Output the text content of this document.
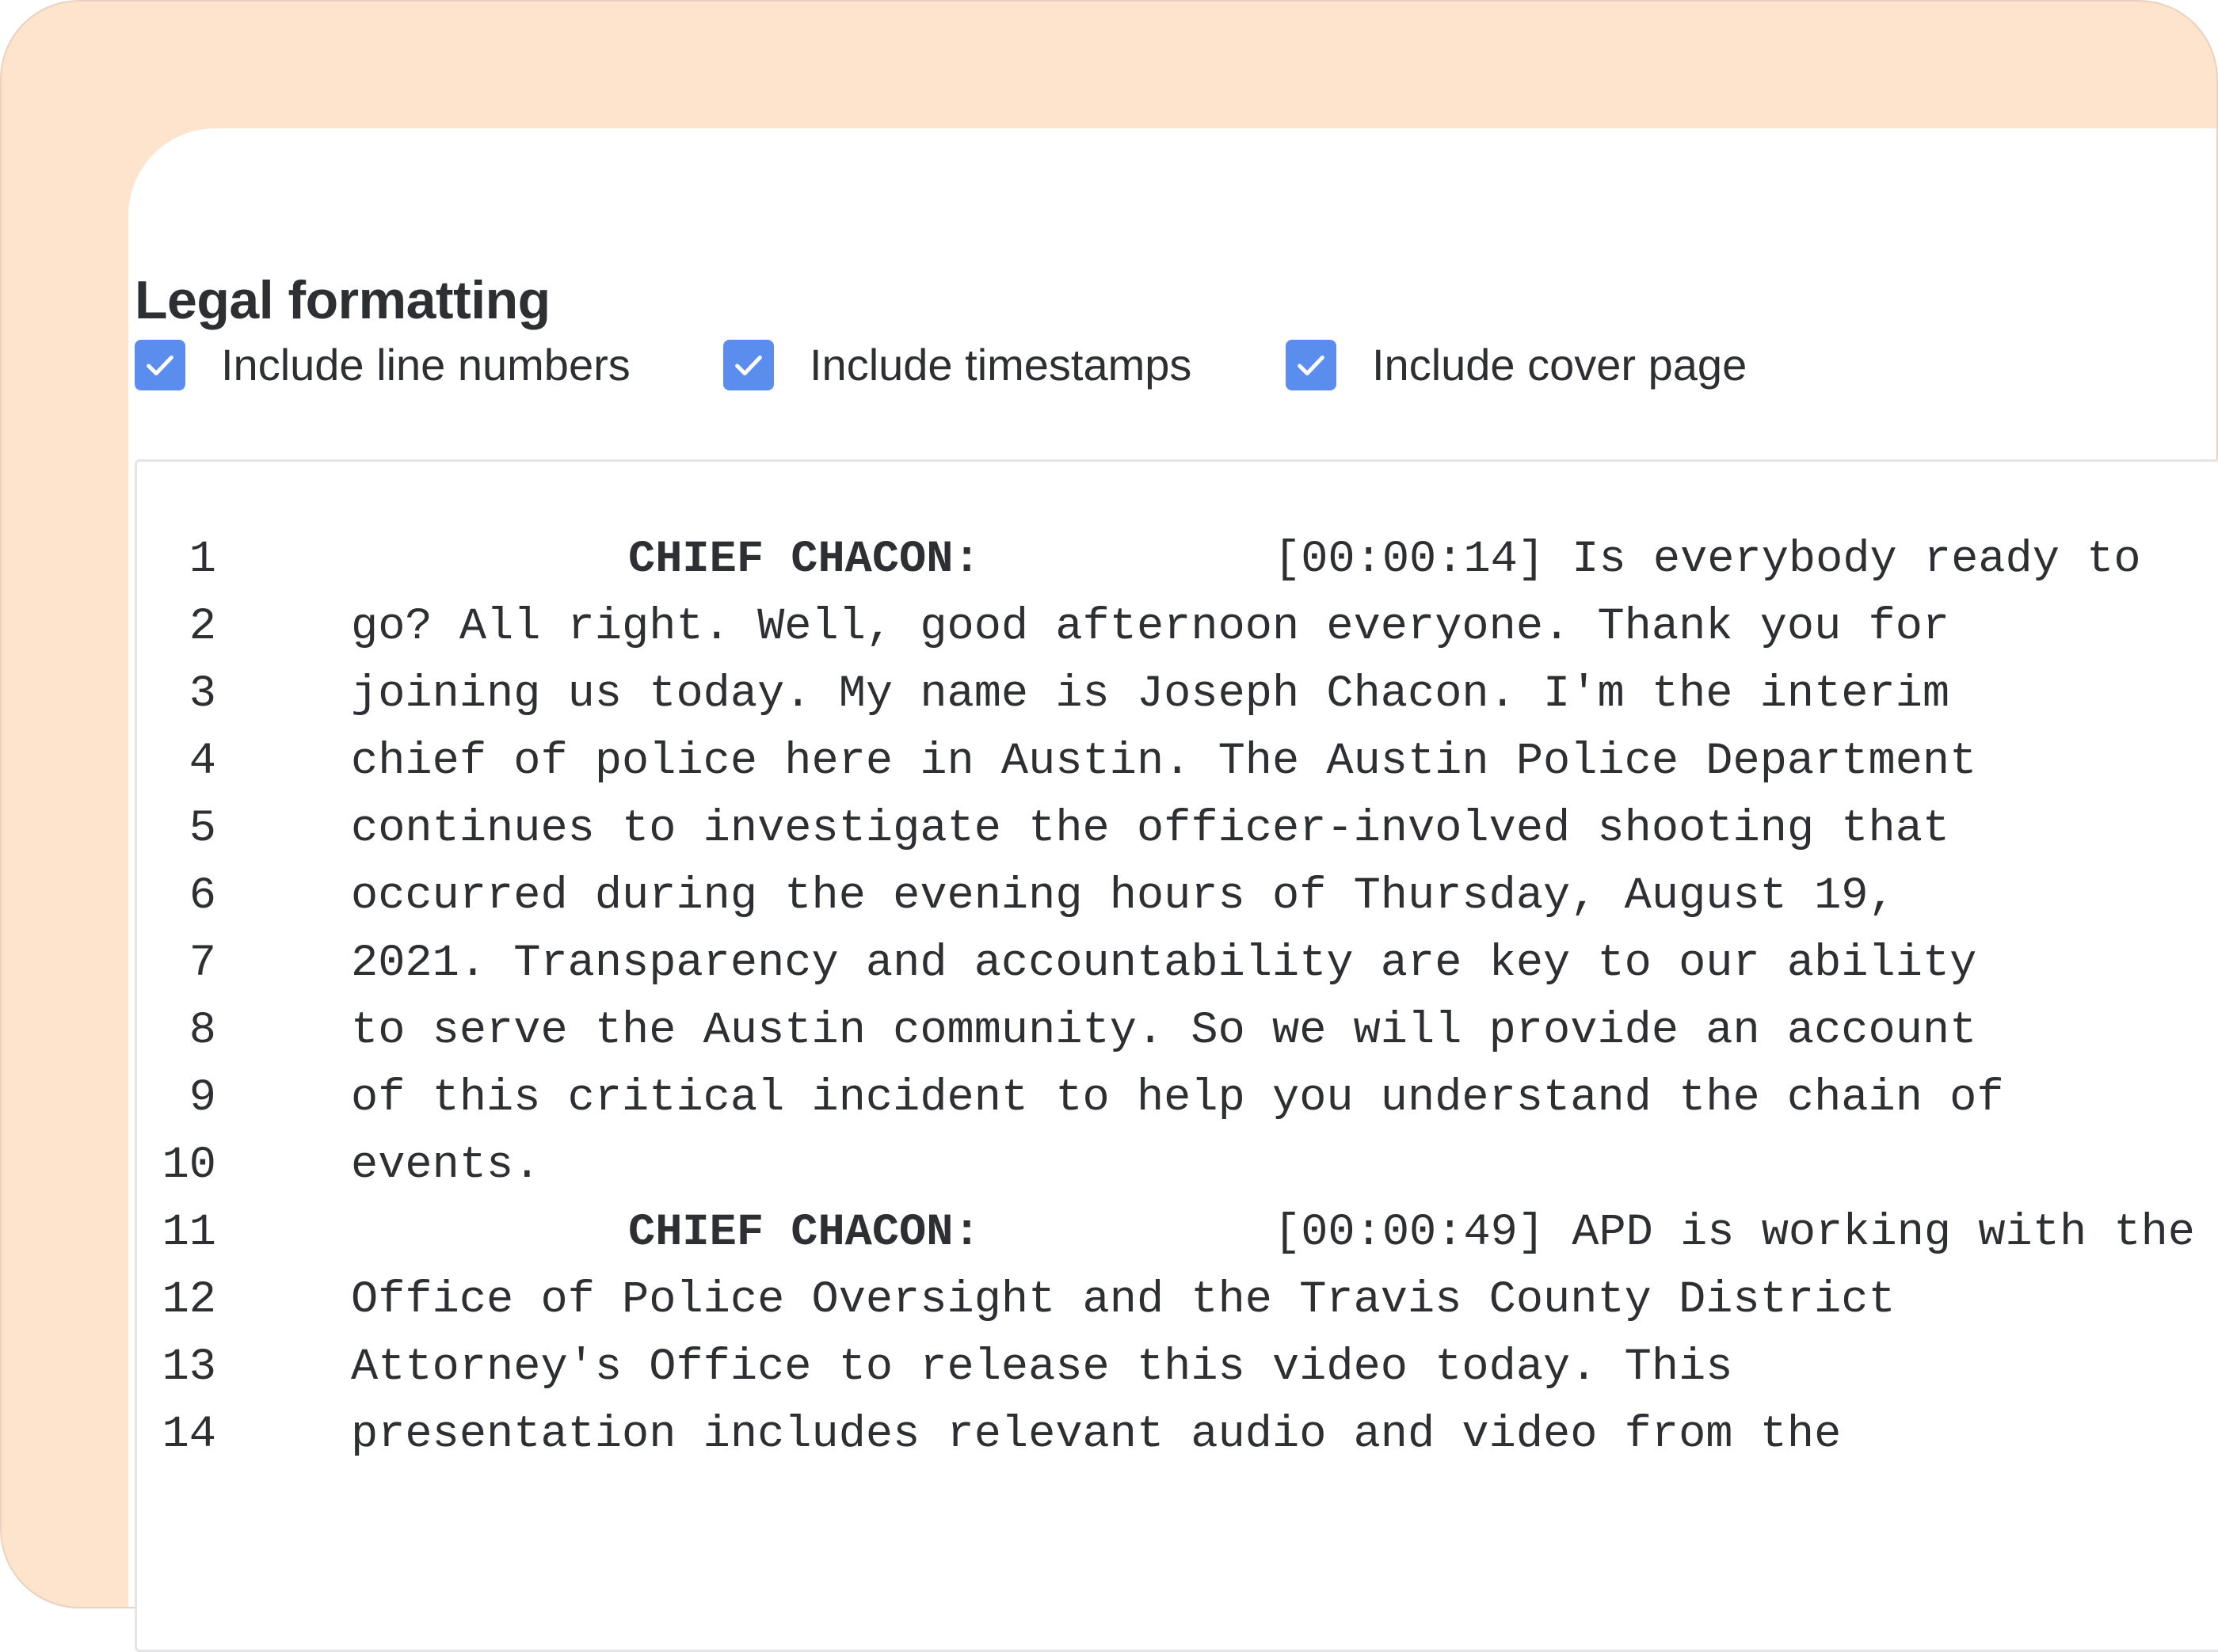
Legal formatting
Include line numbers	Include timestamps	Include cover page
1	CHIEF CHACON:	[00:00:14] Is everybody ready to
2	go? All right. Well, good afternoon everyone. Thank you for
3	joining us today. My name is Joseph Chacon. I'm the interim
4	chief of police here in Austin. The Austin Police Department
5	continues to investigate the officer-involved shooting that
6	occurred during the evening hours of Thursday, August 19,
7	2021. Transparency and accountability are key to our ability
8	to serve the Austin community. So we will provide an account
9	of this critical incident to help you understand the chain of
10	events.
11	CHIEF CHACON:	[00:00:49] APD is working with the
12	Office of Police Oversight and the Travis County District
13	Attorney's Office to release this video today. This
14	presentation includes relevant audio and video from the
